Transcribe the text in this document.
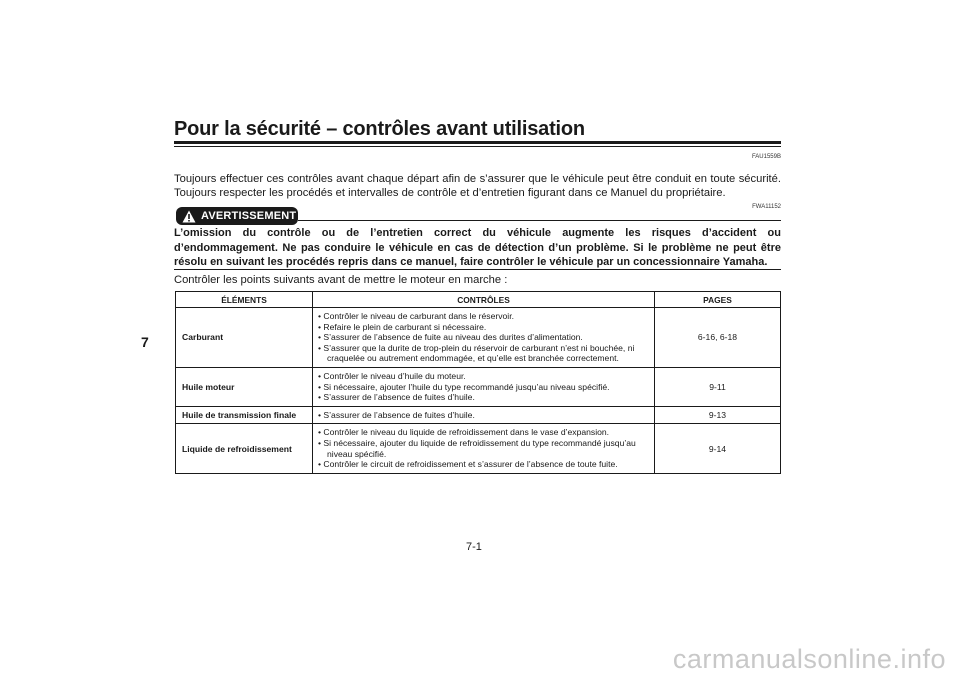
Pour la sécurité – contrôles avant utilisation
7
FAU1559B
Toujours effectuer ces contrôles avant chaque départ afin de s’assurer que le véhicule peut être conduit en toute sécurité. Toujours respecter les procédés et intervalles de contrôle et d’entretien figurant dans ce Manuel du propriétaire.
AVERTISSEMENT
FWA11152
L’omission du contrôle ou de l’entretien correct du véhicule augmente les risques d’accident ou d’endommagement. Ne pas conduire le véhicule en cas de détection d’un problème. Si le problème ne peut être résolu en suivant les procédés repris dans ce manuel, faire contrôler le véhicule par un concessionnaire Yamaha.
Contrôler les points suivants avant de mettre le moteur en marche :
ÉLÉMENTS	CONTRÔLES	PAGES
Carburant	• Contrôler le niveau de carburant dans le réservoir.
• Refaire le plein de carburant si nécessaire.
• S’assurer de l’absence de fuite au niveau des durites d’alimentation.
• S’assurer que la durite de trop-plein du réservoir de carburant n’est ni bouchée, ni craquelée ou autrement endommagée, et qu’elle est branchée correctement.	6-16, 6-18
Huile moteur	• Contrôler le niveau d’huile du moteur.
• Si nécessaire, ajouter l’huile du type recommandé jusqu’au niveau spécifié.
• S’assurer de l’absence de fuites d’huile.	9-11
Huile de transmission finale	• S’assurer de l’absence de fuites d’huile.	9-13
Liquide de refroidissement	• Contrôler le niveau du liquide de refroidissement dans le vase d’expansion.
• Si nécessaire, ajouter du liquide de refroidissement du type recommandé jusqu’au niveau spécifié.
• Contrôler le circuit de refroidissement et s’assurer de l’absence de toute fuite.	9-14
7-1
carmanualsonline.info
